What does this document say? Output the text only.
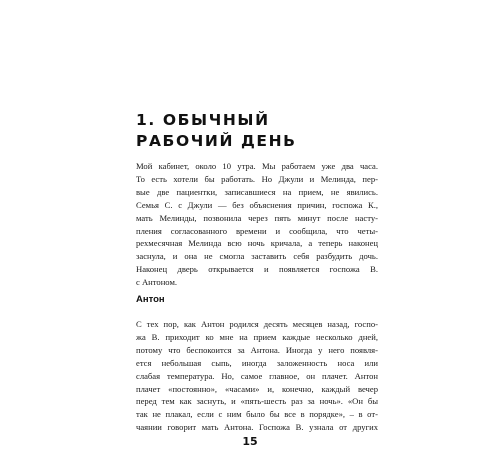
1. ОБЫЧНЫЙ
РАБОЧИЙ ДЕНЬ

Мой кабинет, около 10 утра. Мы работаем уже два часа.
То есть хотели бы работать. Но Джули и Мелинда, пер-
вые две пациентки, записавшиеся на прием, не явились.
Семья С. с Джули — без объяснения причин, госпожа К.,
мать Мелинды, позвонила через пять минут после насту-
пления согласованного времени и сообщила, что четы-
рехмесячная Мелинда всю ночь кричала, а теперь наконец
заснула, и она не смогла заставить себя разбудить дочь.
Наконец дверь открывается и появляется госпожа В.
с Антоном.

Антон

С тех пор, как Антон родился десять месяцев назад, госпо-
жа В. приходит ко мне на прием каждые несколько дней,
потому что беспокоится за Антона. Иногда у него появля-
ется небольшая сыпь, иногда заложенность носа или
слабая температура. Но, самое главное, он плачет. Антон
плачет «постоянно», «часами» и, конечно, каждый вечер
перед тем как заснуть, и «пять-шесть раз за ночь». «Он бы
так не плакал, если с ним было бы все в порядке», – в от-
чаянии говорит мать Антона. Госпожа В. узнала от других

15
